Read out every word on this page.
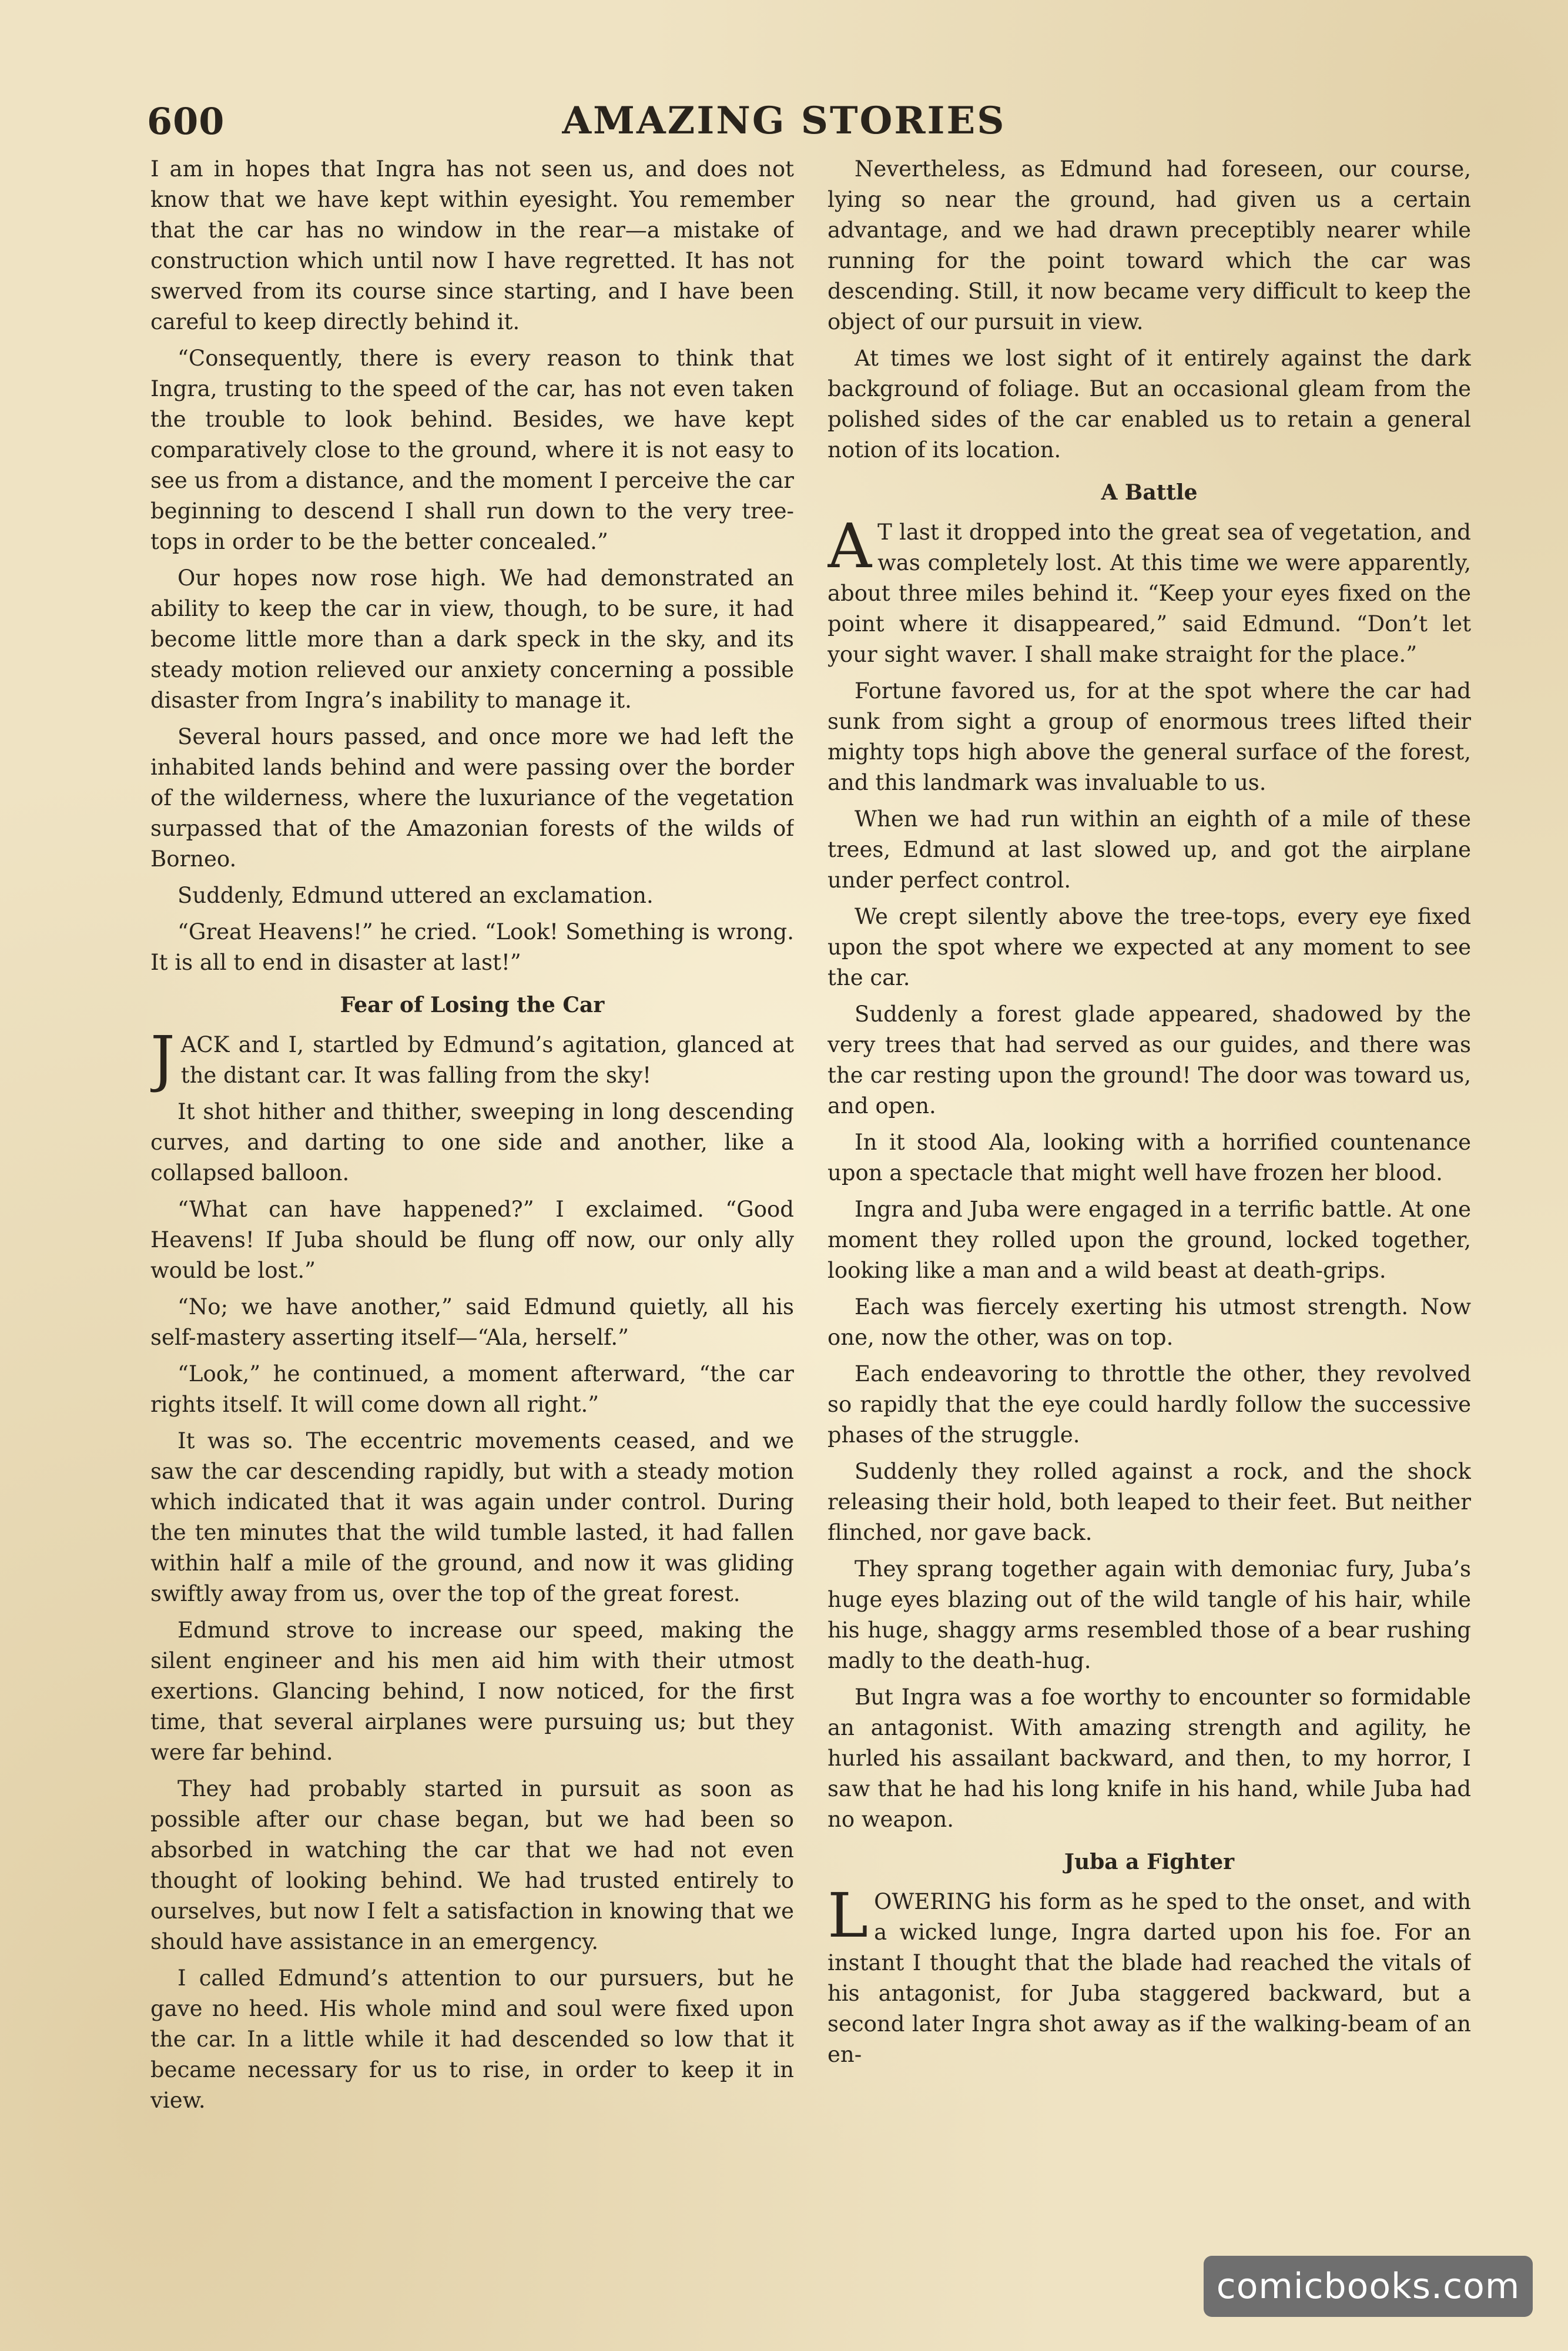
600	AMAZING STORIES

I am in hopes that Ingra has not seen us, and does not know that we have kept within eyesight. You remember that the car has no window in the rear—a mistake of construction which until now I have regretted. It has not swerved from its course since starting, and I have been careful to keep directly behind it.

“Consequently, there is every reason to think that Ingra, trusting to the speed of the car, has not even taken the trouble to look behind. Besides, we have kept comparatively close to the ground, where it is not easy to see us from a distance, and the moment I perceive the car beginning to descend I shall run down to the very tree-tops in order to be the better concealed.”

Our hopes now rose high. We had demonstrated an ability to keep the car in view, though, to be sure, it had become little more than a dark speck in the sky, and its steady motion relieved our anxiety concerning a possible disaster from Ingra’s inability to manage it.

Several hours passed, and once more we had left the inhabited lands behind and were passing over the border of the wilderness, where the luxuriance of the vegetation surpassed that of the Amazonian forests of the wilds of Borneo.

Suddenly, Edmund uttered an exclamation.

“Great Heavens!” he cried. “Look! Something is wrong. It is all to end in disaster at last!”

Fear of Losing the Car

JACK and I, startled by Edmund’s agitation, glanced at the distant car. It was falling from the sky!

It shot hither and thither, sweeping in long descending curves, and darting to one side and another, like a collapsed balloon.

“What can have happened?” I exclaimed. “Good Heavens! If Juba should be flung off now, our only ally would be lost.”

“No; we have another,” said Edmund quietly, all his self-mastery asserting itself—“Ala, herself.”

“Look,” he continued, a moment afterward, “the car rights itself. It will come down all right.”

It was so. The eccentric movements ceased, and we saw the car descending rapidly, but with a steady motion which indicated that it was again under control. During the ten minutes that the wild tumble lasted, it had fallen within half a mile of the ground, and now it was gliding swiftly away from us, over the top of the great forest.

Edmund strove to increase our speed, making the silent engineer and his men aid him with their utmost exertions. Glancing behind, I now noticed, for the first time, that several airplanes were pursuing us; but they were far behind.

They had probably started in pursuit as soon as possible after our chase began, but we had been so absorbed in watching the car that we had not even thought of looking behind. We had trusted entirely to ourselves, but now I felt a satisfaction in knowing that we should have assistance in an emergency.

I called Edmund’s attention to our pursuers, but he gave no heed. His whole mind and soul were fixed upon the car. In a little while it had descended so low that it became necessary for us to rise, in order to keep it in view.

Nevertheless, as Edmund had foreseen, our course, lying so near the ground, had given us a certain advantage, and we had drawn preceptibly nearer while running for the point toward which the car was descending. Still, it now became very difficult to keep the object of our pursuit in view.

At times we lost sight of it entirely against the dark background of foliage. But an occasional gleam from the polished sides of the car enabled us to retain a general notion of its location.

A Battle

A T last it dropped into the great sea of vegetation, and was completely lost. At this time we were apparently, about three miles behind it. “Keep your eyes fixed on the point where it disappeared,” said Edmund. “Don’t let your sight waver. I shall make straight for the place.”

Fortune favored us, for at the spot where the car had sunk from sight a group of enormous trees lifted their mighty tops high above the general surface of the forest, and this landmark was invaluable to us.

When we had run within an eighth of a mile of these trees, Edmund at last slowed up, and got the airplane under perfect control.

We crept silently above the tree-tops, every eye fixed upon the spot where we expected at any moment to see the car.

Suddenly a forest glade appeared, shadowed by the very trees that had served as our guides, and there was the car resting upon the ground! The door was toward us, and open.

In it stood Ala, looking with a horrified countenance upon a spectacle that might well have frozen her blood.

Ingra and Juba were engaged in a terrific battle. At one moment they rolled upon the ground, locked together, looking like a man and a wild beast at death-grips.

Each was fiercely exerting his utmost strength. Now one, now the other, was on top.

Each endeavoring to throttle the other, they revolved so rapidly that the eye could hardly follow the successive phases of the struggle.

Suddenly they rolled against a rock, and the shock releasing their hold, both leaped to their feet. But neither flinched, nor gave back.

They sprang together again with demoniac fury, Juba’s huge eyes blazing out of the wild tangle of his hair, while his huge, shaggy arms resembled those of a bear rushing madly to the death-hug.

But Ingra was a foe worthy to encounter so formidable an antagonist. With amazing strength and agility, he hurled his assailant backward, and then, to my horror, I saw that he had his long knife in his hand, while Juba had no weapon.

Juba a Fighter

LOWERING his form as he sped to the onset, and with a wicked lunge, Ingra darted upon his foe. For an instant I thought that the blade had reached the vitals of his antagonist, for Juba staggered backward, but a second later Ingra shot away as if the walking-beam of an en-

comicbooks.com
